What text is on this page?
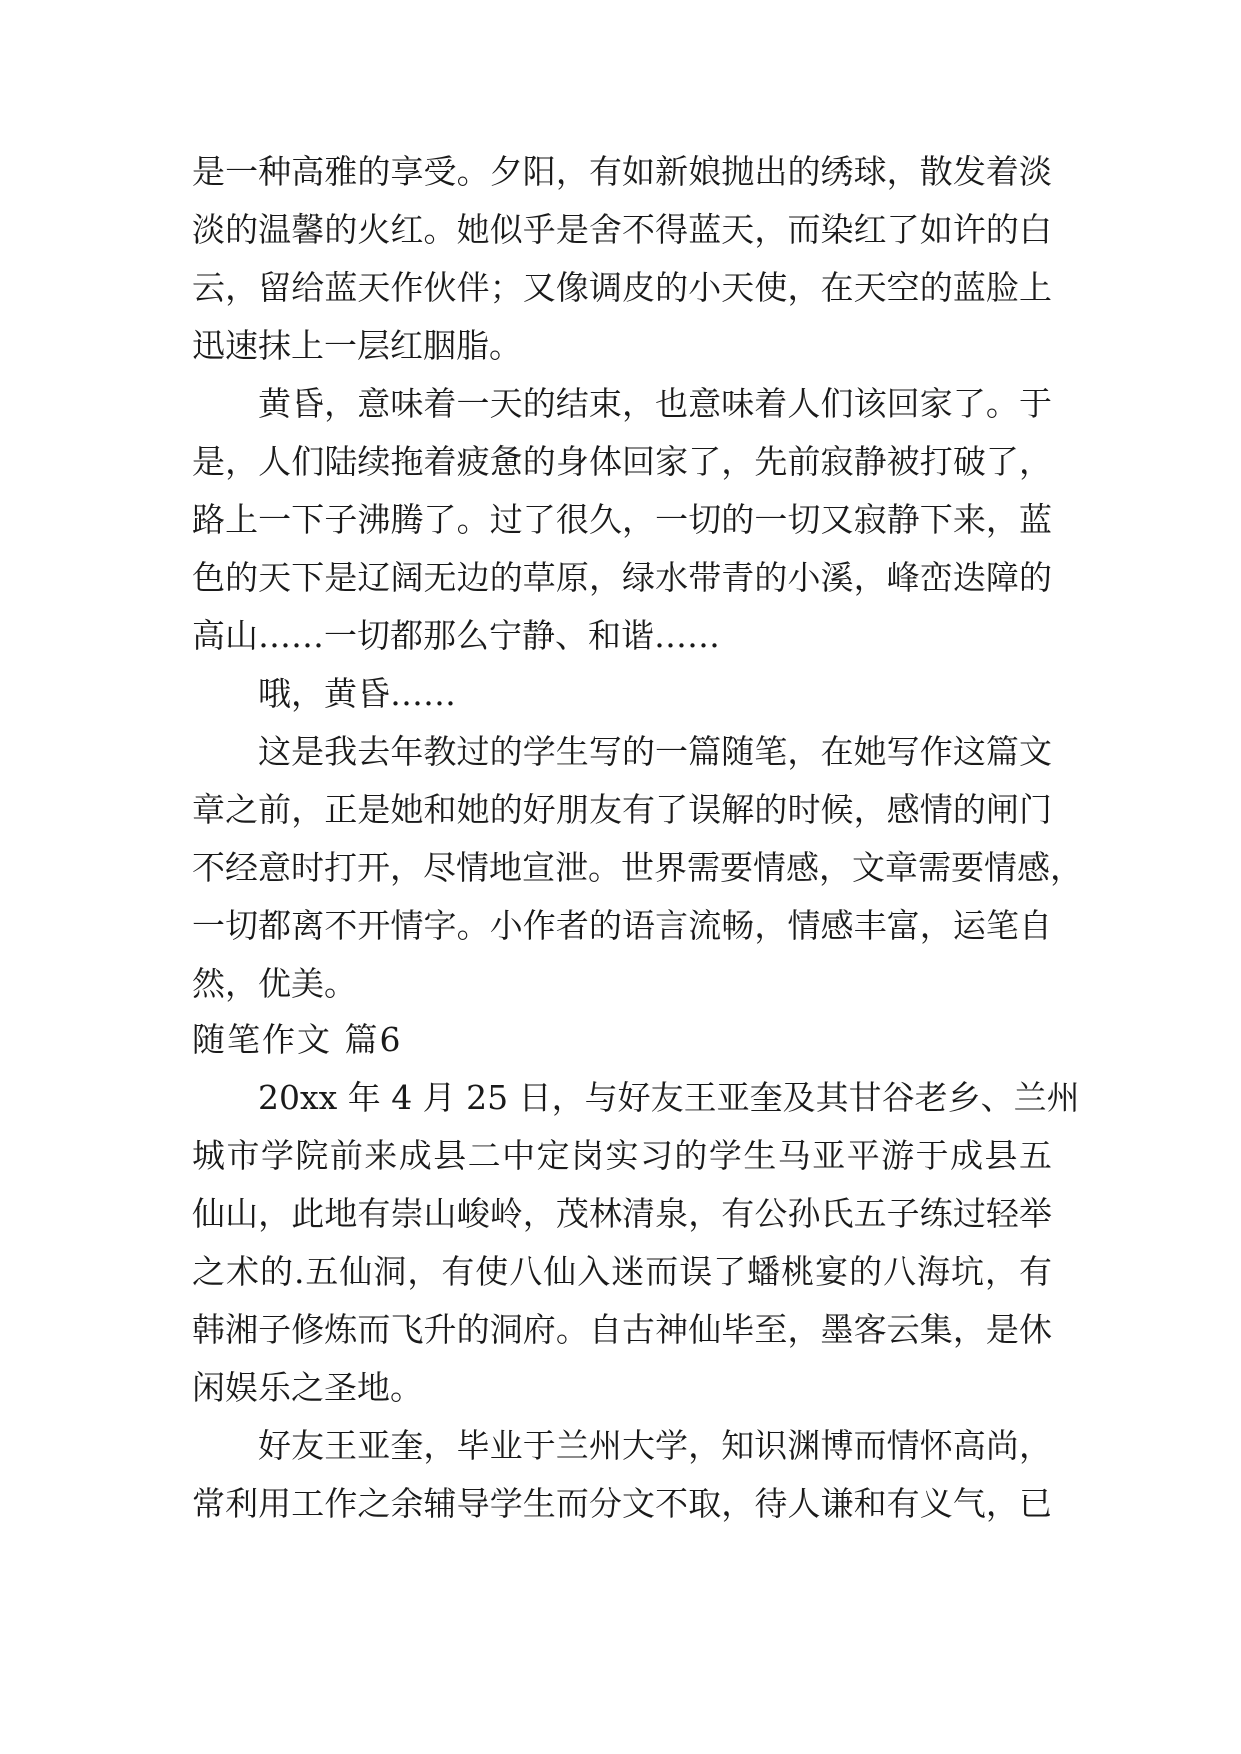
是一种高雅的享受。夕阳，有如新娘抛出的绣球，散发着淡
淡的温馨的火红。她似乎是舍不得蓝天，而染红了如许的白
云，留给蓝天作伙伴；又像调皮的小天使，在天空的蓝脸上
迅速抹上一层红胭脂。
黄昏，意味着一天的结束，也意味着人们该回家了。于
是，人们陆续拖着疲惫的身体回家了，先前寂静被打破了，
路上一下子沸腾了。过了很久，一切的一切又寂静下来，蓝
色的天下是辽阔无边的草原，绿水带青的小溪，峰峦迭障的
高山……一切都那么宁静、和谐……
哦，黄昏……
这是我去年教过的学生写的一篇随笔，在她写作这篇文
章之前，正是她和她的好朋友有了误解的时候，感情的闸门
不经意时打开，尽情地宣泄。世界需要情感，文章需要情感，
一切都离不开情字。小作者的语言流畅，情感丰富，运笔自
然，优美。
随笔作文 篇6
20xx 年 4 月 25 日，与好友王亚奎及其甘谷老乡、兰州
城市学院前来成县二中定岗实习的学生马亚平游于成县五
仙山，此地有崇山峻岭，茂林清泉，有公孙氏五子练过轻举
之术的.五仙洞，有使八仙入迷而误了蟠桃宴的八海坑，有
韩湘子修炼而飞升的洞府。自古神仙毕至，墨客云集，是休
闲娱乐之圣地。
好友王亚奎，毕业于兰州大学，知识渊博而情怀高尚，
常利用工作之余辅导学生而分文不取，待人谦和有义气，已
